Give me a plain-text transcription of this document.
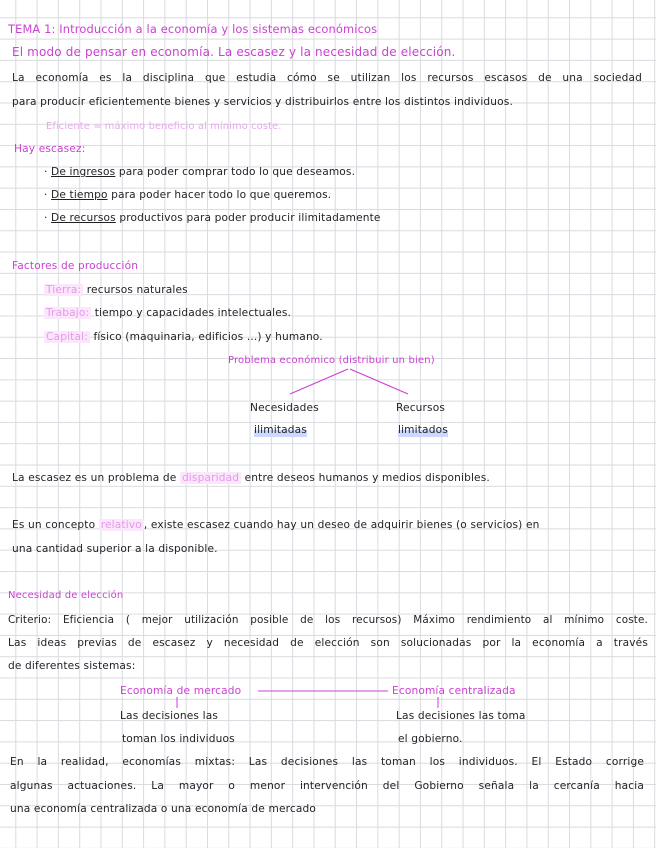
TEMA 1: Introducción a la economía y los sistemas económicos
El modo de pensar en economía. La escasez y la necesidad de elección.
La economía es la disciplina que estudia cómo se utilizan los recursos escasos de una sociedad
para producir eficientemente bienes y servicios y distribuirlos entre los distintos individuos.
Eficiente = máximo beneficio al mínimo coste.
Hay escasez:
· De ingresos para poder comprar todo lo que deseamos.
· De tiempo para poder hacer todo lo que queremos.
· De recursos productivos para poder producir ilimitadamente
Factores de producción
Tierra: recursos naturales
Trabajo: tiempo y capacidades intelectuales.
Capital: físico (maquinaria, edificios ...) y humano.
Problema económico (distribuir un bien)
Necesidades
ilimitadas
Recursos
limitados
La escasez es un problema de disparidad entre deseos humanos y medios disponibles.
Es un concepto relativo , existe escasez cuando hay un deseo de adquirir bienes (o servicios) en
una cantidad superior a la disponible.
Necesidad de elección
Criterio: Eficiencia ( mejor utilización posible de los recursos) Máximo rendimiento al mínimo coste.
Las ideas previas de escasez y necesidad de elección son solucionadas por la economía a través
de diferentes sistemas:
Economía de mercado
Las decisiones las
toman los individuos
Economía centralizada
Las decisiones las toma
el gobierno.
En la realidad, economías mixtas: Las decisiones las toman los individuos. El Estado corrige
algunas actuaciones. La mayor o menor intervención del Gobierno señala la cercanía hacia
una economía centralizada o una economía de mercado
